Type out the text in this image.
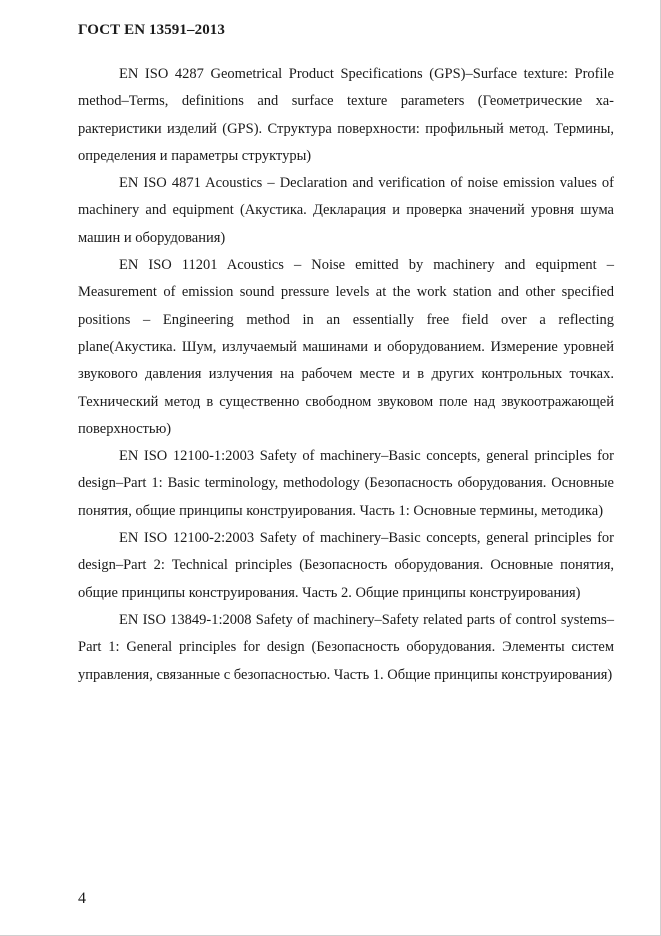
ГОСТ EN 13591–2013

EN ISO 4287 Geometrical Product Specifications (GPS)–Surface texture: Profile method–Terms, definitions and surface texture parameters (Геометрические характеристики изделий (GPS). Структура поверхности: профильный метод. Термины, определения и параметры структуры)

EN ISO 4871 Acoustics – Declaration and verification of noise emission values of machinery and equipment (Акустика. Декларация и проверка значений уровня шума машин и оборудования)

EN ISO 11201 Acoustics – Noise emitted by machinery and equipment – Measurement of emission sound pressure levels at the work station and other specified positions – Engineering method in an essentially free field over a reflecting plane(Акустика. Шум, излучаемый машинами и оборудованием. Измерение уровней звукового давления излучения на рабочем месте и в других контрольных точках. Технический метод в существенно свободном звуковом поле над звукоотражающей поверхностью)

EN ISO 12100-1:2003 Safety of machinery–Basic concepts, general principles for design–Part 1: Basic terminology, methodology (Безопасность оборудования. Основные понятия, общие принципы конструирования. Часть 1: Основные термины, методика)

EN ISO 12100-2:2003 Safety of machinery–Basic concepts, general principles for design–Part 2: Technical principles (Безопасность оборудования. Основные понятия, общие принципы конструирования. Часть 2. Общие принципы конструирования)

EN ISO 13849-1:2008 Safety of machinery–Safety related parts of control systems–Part 1: General principles for design (Безопасность оборудования. Элементы систем управления, связанные с безопасностью. Часть 1. Общие принципы конструирования)

4
